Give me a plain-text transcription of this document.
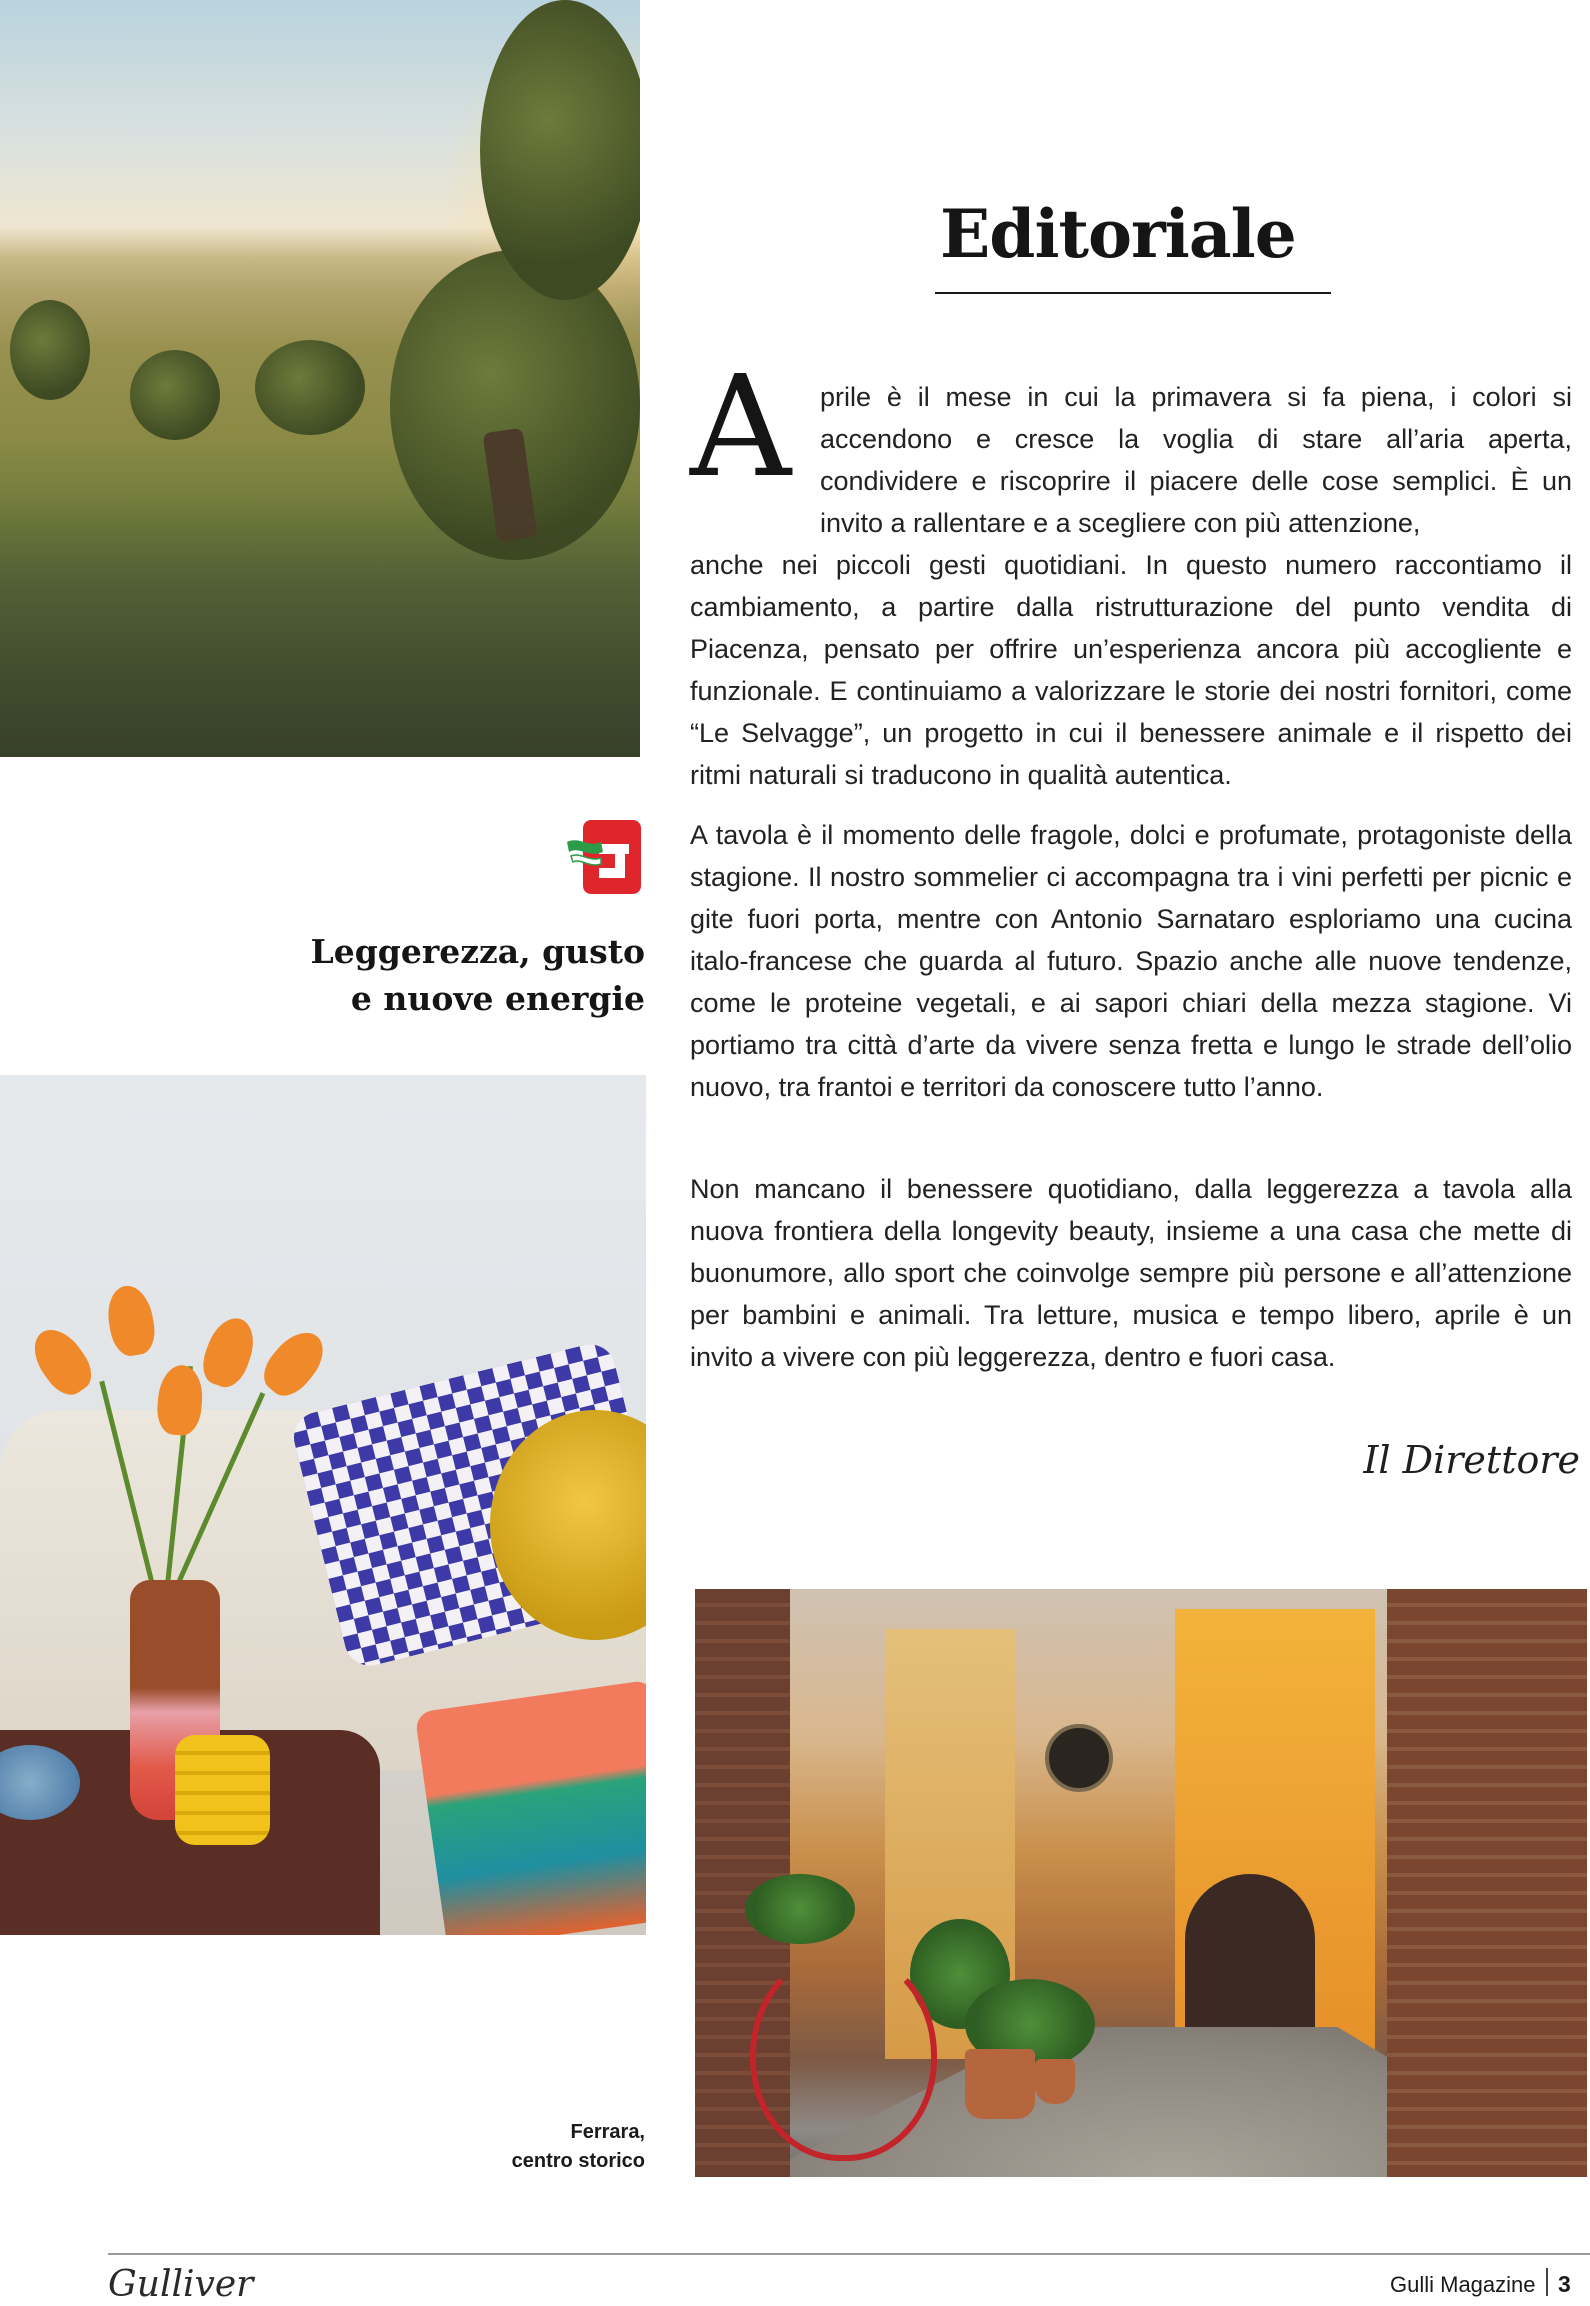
Editoriale
A prile è il mese in cui la primavera si fa piena, i colori si accendono e cresce la voglia di stare all’aria aperta, condividere e riscoprire il piacere delle cose semplici. È un invito a rallentare e a scegliere con più attenzione,
anche nei piccoli gesti quotidiani. In questo numero raccontiamo il cambiamento, a partire dalla ristrutturazione del punto vendita di Piacenza, pensato per offrire un’esperienza ancora più accogliente e funzionale. E continuiamo a valorizzare le storie dei nostri fornitori, come “Le Selvagge”, un progetto in cui il benessere animale e il rispetto dei ritmi naturali si traducono in qualità autentica.
A tavola è il momento delle fragole, dolci e profumate, protagoniste della stagione. Il nostro sommelier ci accompagna tra i vini perfetti per picnic e gite fuori porta, mentre con Antonio Sarnataro esploriamo una cucina italo-francese che guarda al futuro. Spazio anche alle nuove tendenze, come le proteine vegetali, e ai sapori chiari della mezza stagione. Vi portiamo tra città d’arte da vivere senza fretta e lungo le strade dell’olio nuovo, tra frantoi e territori da conoscere tutto l’anno.
Non mancano il benessere quotidiano, dalla leggerezza a tavola alla nuova frontiera della longevity beauty, insieme a una casa che mette di buonumore, allo sport che coinvolge sempre più persone e all’attenzione per bambini e animali. Tra letture, musica e tempo libero, aprile è un invito a vivere con più leggerezza, dentro e fuori casa.
Il Direttore
Leggerezza, gusto
e nuove energie
Ferrara,
centro storico
Gulliver	Gulli Magazine 3
